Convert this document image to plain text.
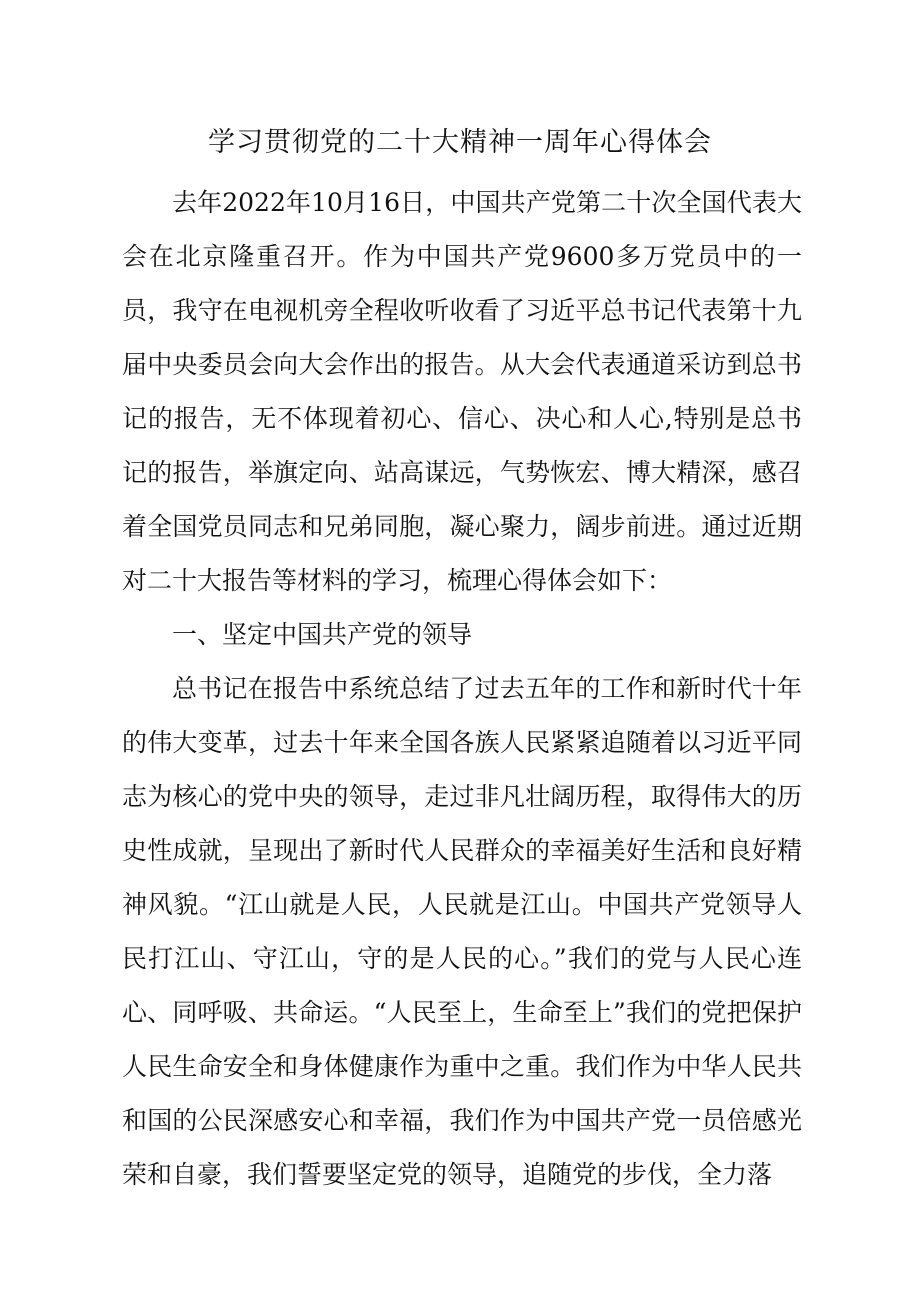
学习贯彻党的二十大精神一周年心得体会

去年2022年10月16日，中国共产党第二十次全国代表大会在北京隆重召开。作为中国共产党9600多万党员中的一员，我守在电视机旁全程收听收看了习近平总书记代表第十九届中央委员会向大会作出的报告。从大会代表通道采访到总书记的报告，无不体现着初心、信心、决心和人心,特别是总书记的报告，举旗定向、站高谋远，气势恢宏、博大精深，感召着全国党员同志和兄弟同胞，凝心聚力，阔步前进。通过近期对二十大报告等材料的学习，梳理心得体会如下：

一、坚定中国共产党的领导

总书记在报告中系统总结了过去五年的工作和新时代十年的伟大变革，过去十年来全国各族人民紧紧追随着以习近平同志为核心的党中央的领导，走过非凡壮阔历程，取得伟大的历史性成就，呈现出了新时代人民群众的幸福美好生活和良好精神风貌。“江山就是人民，人民就是江山。中国共产党领导人民打江山、守江山，守的是人民的心。”我们的党与人民心连心、同呼吸、共命运。“人民至上，生命至上”我们的党把保护人民生命安全和身体健康作为重中之重。我们作为中华人民共和国的公民深感安心和幸福，我们作为中国共产党一员倍感光荣和自豪，我们誓要坚定党的领导，追随党的步伐，全力落
